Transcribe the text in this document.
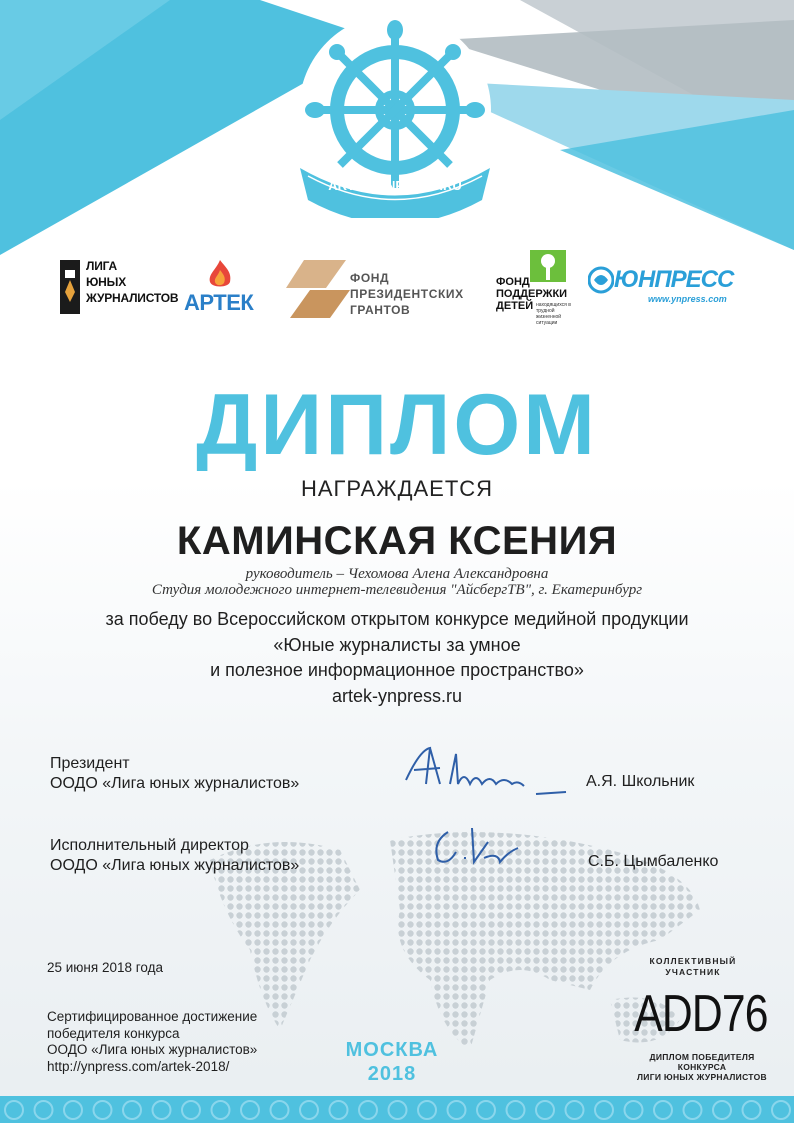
ARTEK-YNPRESS.RU
ЛИГА
ЮНЫХ
ЖУРНАЛИСТОВ АРТЕК
ФОНД
ПРЕЗИДЕНТСКИХ
ГРАНТОВ
ФОНД
ПОДДЕРЖКИ
ДЕТЕЙ находящихся в трудной жизненной ситуации
ЮНПРЕСС
www.ynpress.com
ДИПЛОМ
НАГРАЖДАЕТСЯ
КАМИНСКАЯ КСЕНИЯ
руководитель – Чехомова Алена Александровна
Студия молодежного интернет-телевидения "АйсбергТВ", г. Екатеринбург
за победу во Всероссийском открытом конкурсе медийной продукции
«Юные журналисты за умное
и полезное информационное пространство»
artek-ynpress.ru
Президент
ООДО «Лига юных журналистов»	А.Я. Школьник
Исполнительный директор
ООДО «Лига юных журналистов»	С.Б. Цымбаленко
25 июня 2018 года
Сертифицированное достижение
победителя конкурса
ООДО «Лига юных журналистов»
http://ynpress.com/artek-2018/
МОСКВА
2018
КОЛЛЕКТИВНЫЙ
УЧАСТНИК
ADD76
ДИПЛОМ ПОБЕДИТЕЛЯ
КОНКУРСА
ЛИГИ ЮНЫХ ЖУРНАЛИСТОВ
